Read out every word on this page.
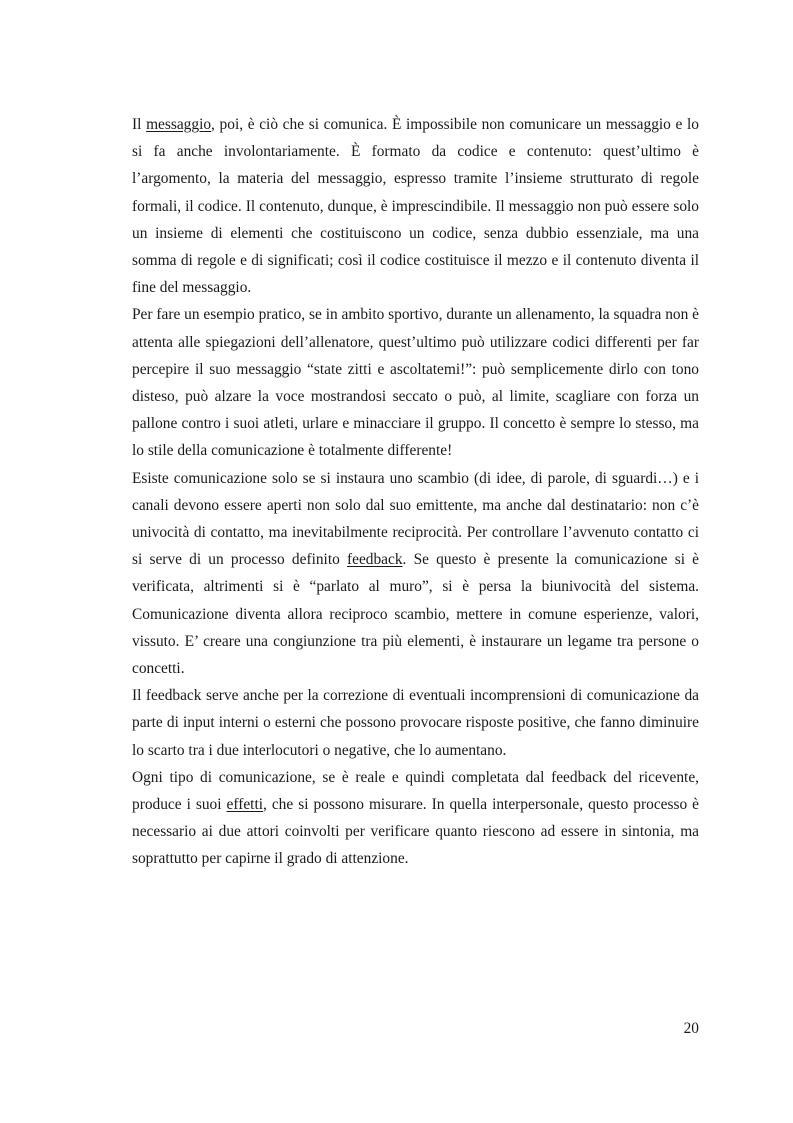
Il messaggio, poi, è ciò che si comunica. È impossibile non comunicare un messaggio e lo si fa anche involontariamente. È formato da codice e contenuto: quest’ultimo è l’argomento, la materia del messaggio, espresso tramite l’insieme strutturato di regole formali, il codice. Il contenuto, dunque, è imprescindibile. Il messaggio non può essere solo un insieme di elementi che costituiscono un codice, senza dubbio essenziale, ma una somma di regole e di significati; così il codice costituisce il mezzo e il contenuto diventa il fine del messaggio.

Per fare un esempio pratico, se in ambito sportivo, durante un allenamento, la squadra non è attenta alle spiegazioni dell’allenatore, quest’ultimo può utilizzare codici differenti per far percepire il suo messaggio “state zitti e ascoltatemi!”: può semplicemente dirlo con tono disteso, può alzare la voce mostrandosi seccato o può, al limite, scagliare con forza un pallone contro i suoi atleti, urlare e minacciare il gruppo. Il concetto è sempre lo stesso, ma lo stile della comunicazione è totalmente differente!

Esiste comunicazione solo se si instaura uno scambio (di idee, di parole, di sguardi…) e i canali devono essere aperti non solo dal suo emittente, ma anche dal destinatario: non c’è univocità di contatto, ma inevitabilmente reciprocità. Per controllare l’avvenuto contatto ci si serve di un processo definito feedback. Se questo è presente la comunicazione si è verificata, altrimenti si è “parlato al muro”, si è persa la biunivocità del sistema. Comunicazione diventa allora reciproco scambio, mettere in comune esperienze, valori, vissuto. E’ creare una congiunzione tra più elementi, è instaurare un legame tra persone o concetti.

Il feedback serve anche per la correzione di eventuali incomprensioni di comunicazione da parte di input interni o esterni che possono provocare risposte positive, che fanno diminuire lo scarto tra i due interlocutori o negative, che lo aumentano.

Ogni tipo di comunicazione, se è reale e quindi completata dal feedback del ricevente, produce i suoi effetti, che si possono misurare. In quella interpersonale, questo processo è necessario ai due attori coinvolti per verificare quanto riescono ad essere in sintonia, ma soprattutto per capirne il grado di attenzione.

20
